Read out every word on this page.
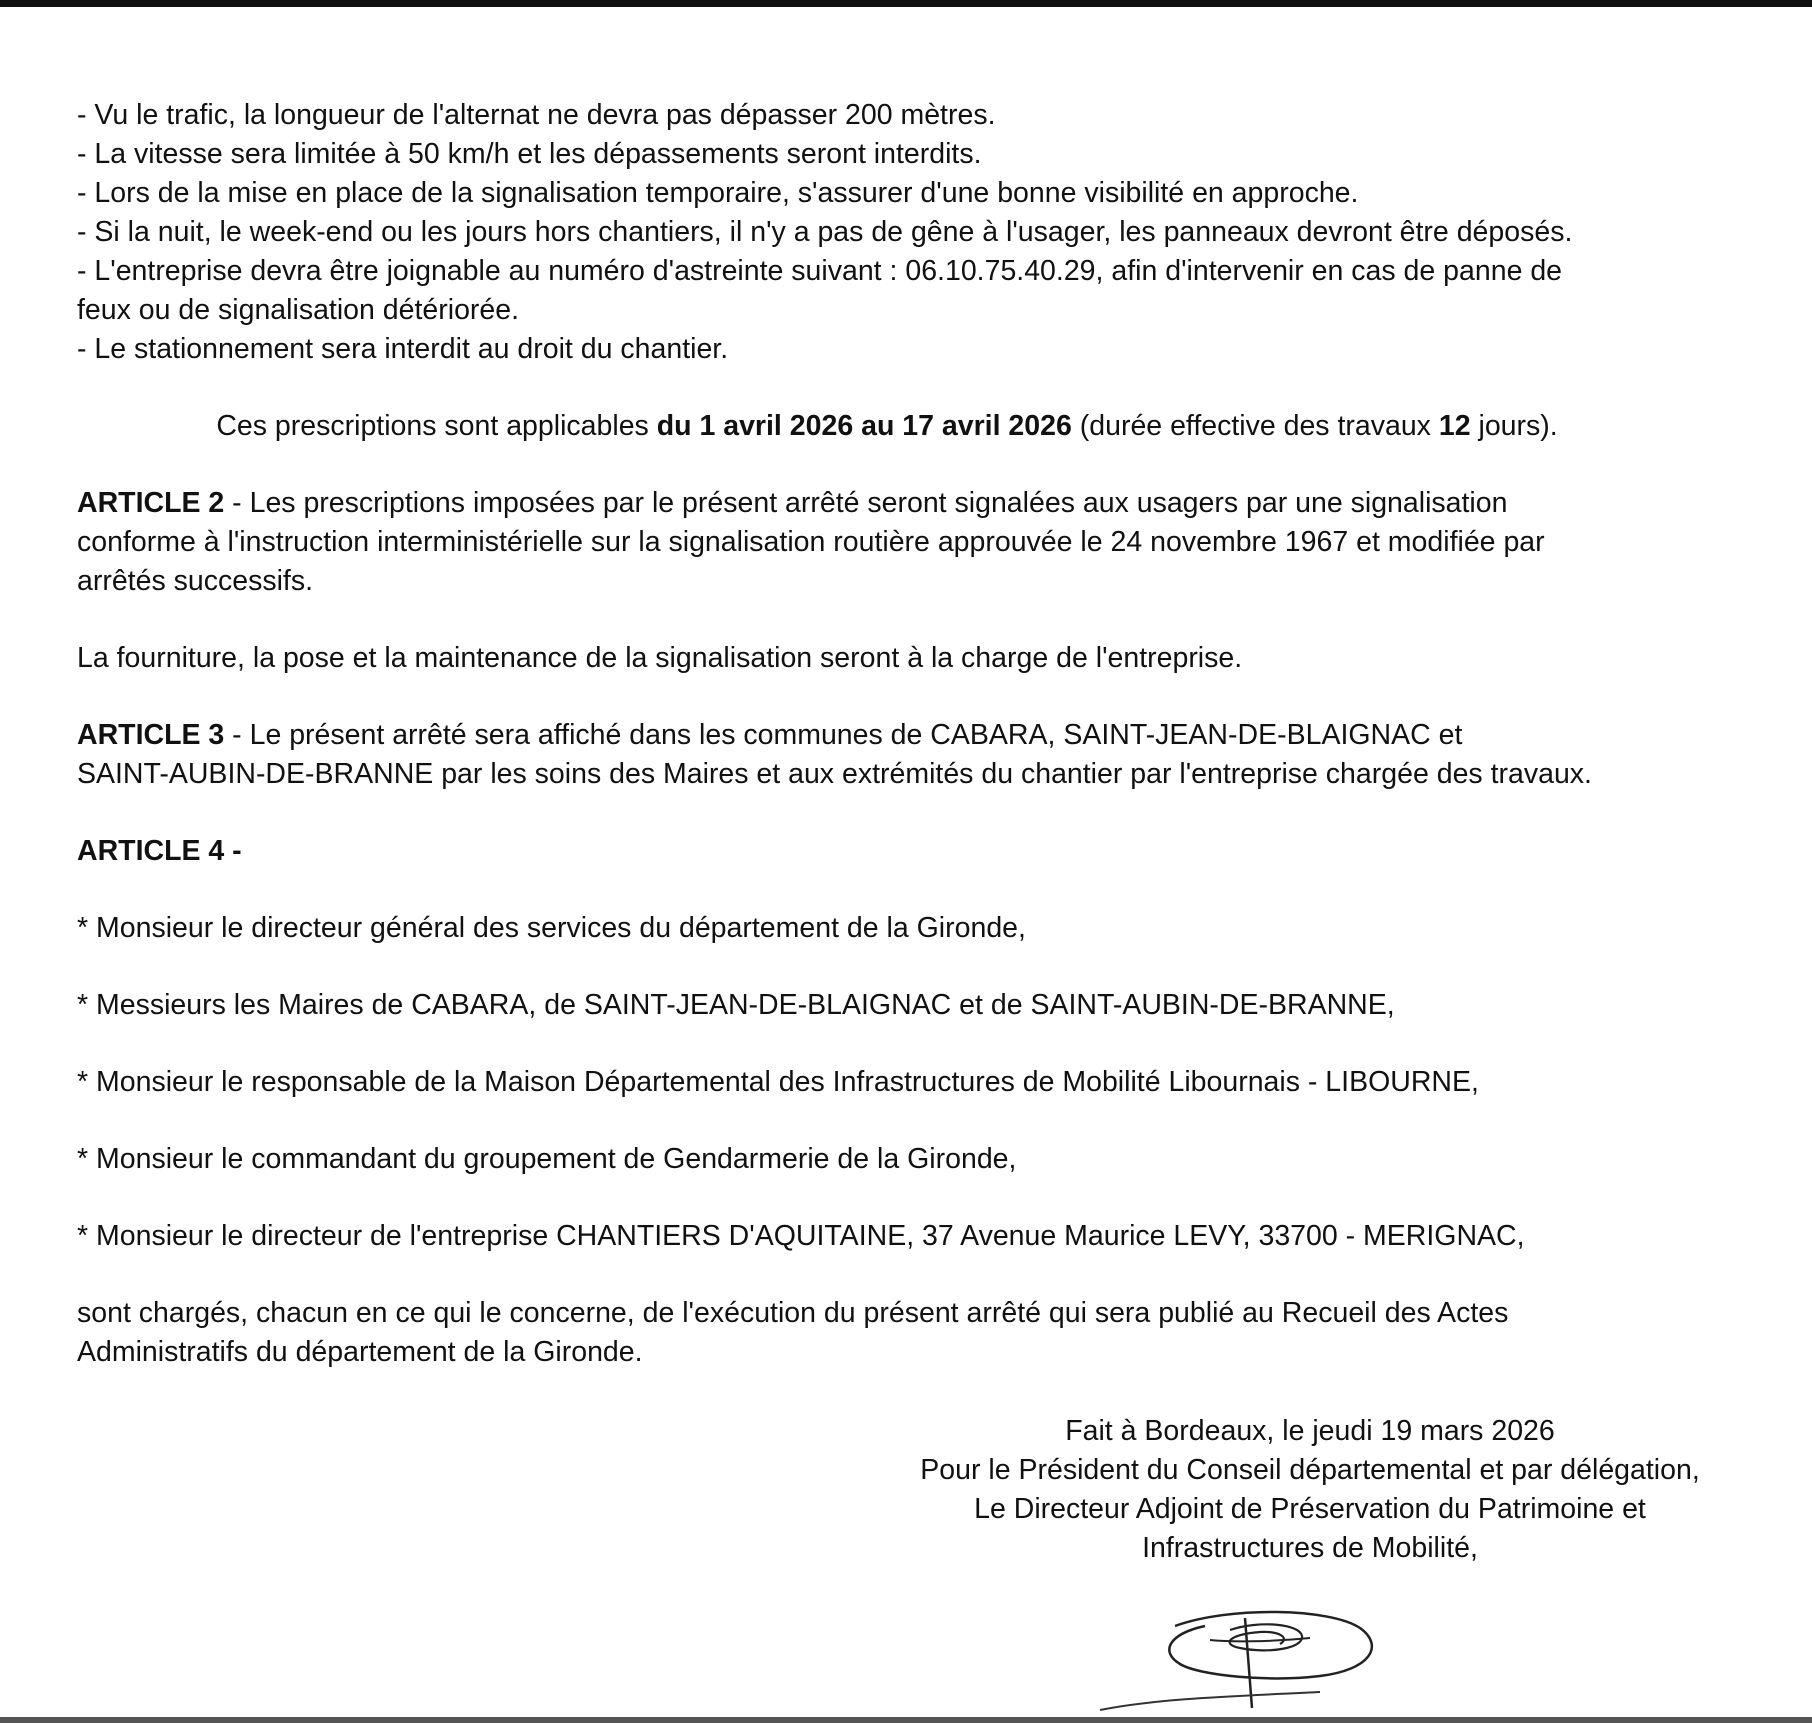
- Vu le trafic, la longueur de l'alternat ne devra pas dépasser 200 mètres.
- La vitesse sera limitée à 50 km/h et les dépassements seront interdits.
- Lors de la mise en place de la signalisation temporaire, s'assurer d'une bonne visibilité en approche.
- Si la nuit, le week-end ou les jours hors chantiers, il n'y a pas de gêne à l'usager, les panneaux devront être déposés.
- L'entreprise devra être joignable au numéro d'astreinte suivant : 06.10.75.40.29, afin d'intervenir en cas de panne de
feux ou de signalisation détériorée.
- Le stationnement sera interdit au droit du chantier.
Ces prescriptions sont applicables du 1 avril 2026 au 17 avril 2026 (durée effective des travaux 12 jours).
ARTICLE 2 - Les prescriptions imposées par le présent arrêté seront signalées aux usagers par une signalisation
conforme à l'instruction interministérielle sur la signalisation routière approuvée le 24 novembre 1967 et modifiée par
arrêtés successifs.
La fourniture, la pose et la maintenance de la signalisation seront à la charge de l'entreprise.
ARTICLE 3 - Le présent arrêté sera affiché dans les communes de CABARA, SAINT-JEAN-DE-BLAIGNAC et
SAINT-AUBIN-DE-BRANNE par les soins des Maires et aux extrémités du chantier par l'entreprise chargée des travaux.
ARTICLE 4 -
* Monsieur le directeur général des services du département de la Gironde,
* Messieurs les Maires de CABARA, de SAINT-JEAN-DE-BLAIGNAC et de SAINT-AUBIN-DE-BRANNE,
* Monsieur le responsable de la Maison Départemental des Infrastructures de Mobilité Libournais - LIBOURNE,
* Monsieur le commandant du groupement de Gendarmerie de la Gironde,
* Monsieur le directeur de l'entreprise CHANTIERS D'AQUITAINE, 37 Avenue Maurice LEVY, 33700 - MERIGNAC,
sont chargés, chacun en ce qui le concerne, de l'exécution du présent arrêté qui sera publié au Recueil des Actes
Administratifs du département de la Gironde.
Fait à Bordeaux, le jeudi 19 mars 2026
Pour le Président du Conseil départemental et par délégation,
Le Directeur Adjoint de Préservation du Patrimoine et
Infrastructures de Mobilité,
